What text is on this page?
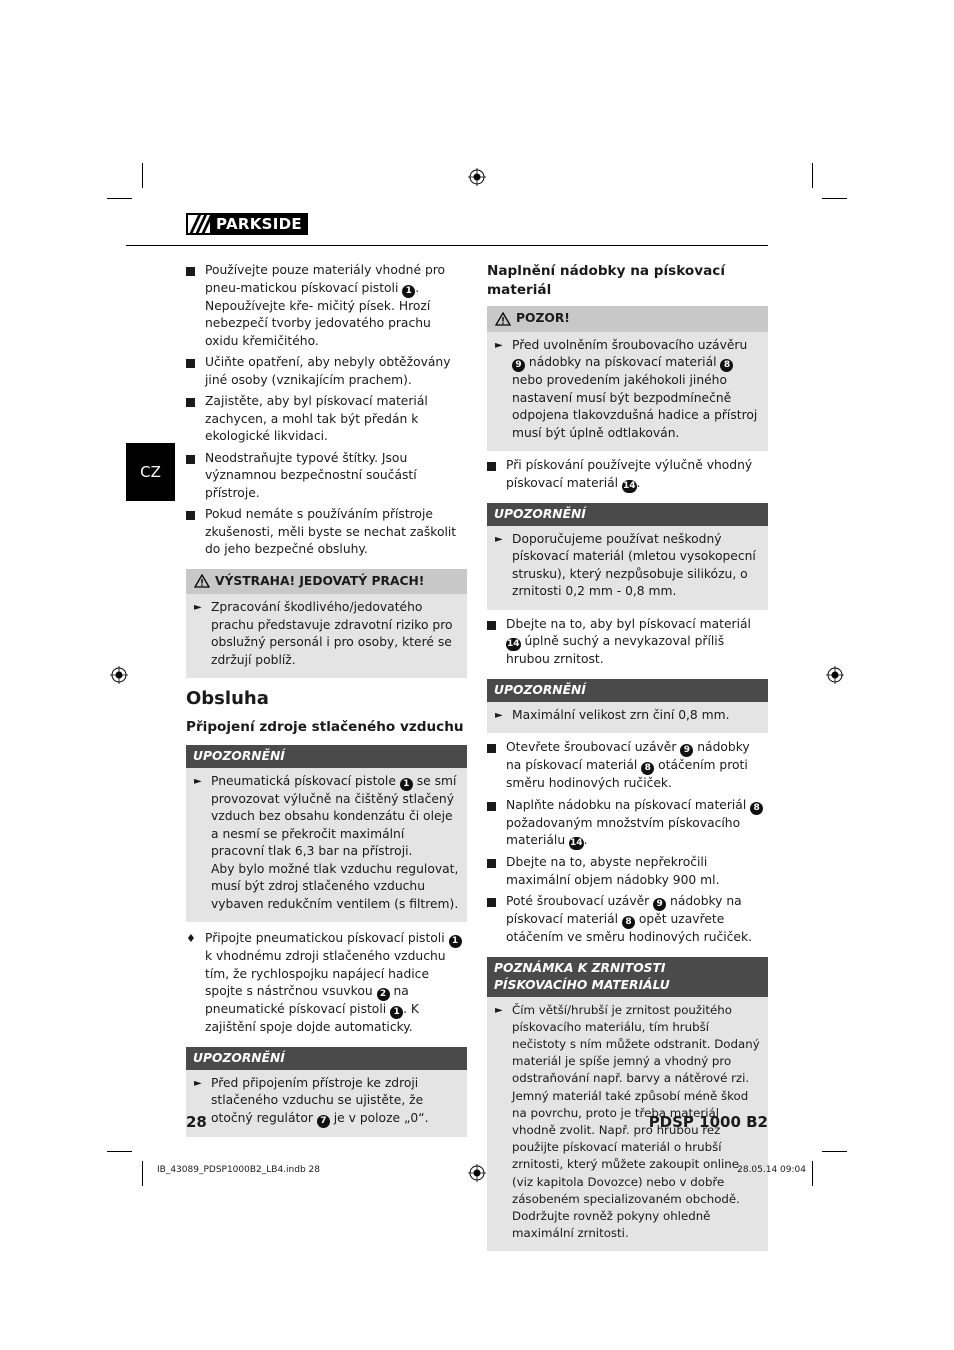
PARKSIDE
CZ
Používejte pouze materiály vhodné pro pneu-matickou pískovací pistoli 1 . Nepoužívejte kře- mičitý písek. Hrozí nebezpečí tvorby jedovatého prachu oxidu křemičitého.
Učiňte opatření, aby nebyly obtěžovány jiné osoby (vznikajícím prachem).
Zajistěte, aby byl pískovací materiál zachycen, a mohl tak být předán k ekologické likvidaci.
Neodstraňujte typové štítky. Jsou významnou bezpečnostní součástí přístroje.
Pokud nemáte s používáním přístroje zkušenosti, měli byste se nechat zaškolit do jeho bezpečné obsluhy.
VÝSTRAHA! JEDOVATÝ PRACH!
► Zpracování škodlivého/jedovatého prachu představuje zdravotní riziko pro obslužný personál i pro osoby, které se zdržují poblíž.
Obsluha
Připojení zdroje stlačeného vzduchu
UPOZORNĚNÍ
► Pneumatická pískovací pistole 1 se smí provozovat výlučně na čištěný stlačený vzduch bez obsahu kondenzátu či oleje a nesmí se překročit maximální pracovní tlak 6,3 bar na přístroji.
Aby bylo možné tlak vzduchu regulovat, musí být zdroj stlačeného vzduchu vybaven redukčním ventilem (s filtrem).
♦ Připojte pneumatickou pískovací pistoli 1 k vhodnému zdroji stlačeného vzduchu tím, že rychlospojku napájecí hadice spojte s nástrčnou vsuvkou 2 na pneumatické pískovací pistoli 1 . K zajištění spoje dojde automaticky.
UPOZORNĚNÍ
► Před připojením přístroje ke zdroji stlačeného vzduchu se ujistěte, že otočný regulátor 7 je v poloze „0“.
Naplnění nádobky na pískovací materiál
POZOR!
► Před uvolněním šroubovacího uzávěru 9 nádobky na pískovací materiál 8 nebo provedením jakéhokoli jiného nastavení musí být bezpodmínečně odpojena tlakovzdušná hadice a přístroj musí být úplně odtlakován.
Při pískování používejte výlučně vhodný pískovací materiál 14.
UPOZORNĚNÍ
► Doporučujeme používat neškodný pískovací materiál (mletou vysokopecní strusku), který nezpůsobuje silikózu, o zrnitosti 0,2 mm - 0,8 mm.
Dbejte na to, aby byl pískovací materiál 14 úplně suchý a nevykazoval příliš hrubou zrnitost.
UPOZORNĚNÍ
► Maximální velikost zrn činí 0,8 mm.
Otevřete šroubovací uzávěr 9 nádobky na pískovací materiál 8 otáčením proti směru hodinových ručiček.
Naplňte nádobku na pískovací materiál 8 požadovaným množstvím pískovacího materiálu 14.
Dbejte na to, abyste nepřekročili maximální objem nádobky 900 ml.
Poté šroubovací uzávěr 9 nádobky na pískovací materiál 8 opět uzavřete otáčením ve směru hodinových ručiček.
POZNÁMKA K ZRNITOSTI PÍSKOVACÍHO MATERIÁLU
► Čím větší/hrubší je zrnitost použitého pískovacího materiálu, tím hrubší nečistoty s ním můžete odstranit. Dodaný materiál je spíše jemný a vhodný pro odstraňování např. barvy a nátěrové rzi. Jemný materiál také způsobí méně škod na povrchu, proto je třeba materiál vhodně zvolit. Např. pro hrubou rez použijte pískovací materiál o hrubší zrnitosti, který můžete zakoupit online (viz kapitola Dovozce) nebo v dobře zásobeném specializovaném obchodě. Dodržujte rovněž pokyny ohledně maximální zrnitosti.
28	PDSP 1000 B2
IB_43089_PDSP1000B2_LB4.indb 28	28.05.14 09:04
